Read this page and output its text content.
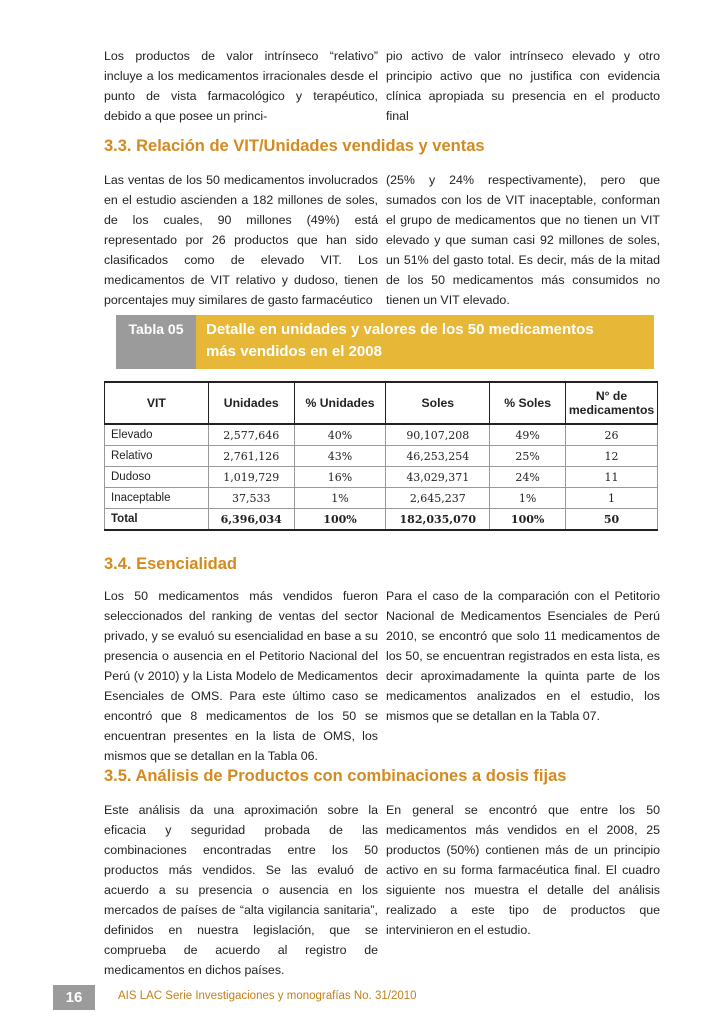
Los productos de valor intrínseco “relativo” incluye a los medicamentos irracionales desde el punto de vista farmacológico y terapéutico, debido a que posee un princi-

pio activo de valor intrínseco elevado y otro principio activo que no justifica con evidencia clínica apropiada su presencia en el producto final

3.3. Relación de VIT/Unidades vendidas y ventas

Las ventas de los 50 medicamentos involucrados en el estudio ascienden a 182 millones de soles, de los cuales, 90 millones (49%) está representado por 26 productos que han sido clasificados como de elevado VIT. Los medicamentos de VIT relativo y dudoso, tienen porcentajes muy similares de gasto farmacéutico

(25% y 24% respectivamente), pero que sumados con los de VIT inaceptable, conforman el grupo de medicamentos que no tienen un VIT elevado y que suman casi 92 millones de soles, un 51% del gasto total. Es decir, más de la mitad de los 50 medicamentos más consumidos no tienen un VIT elevado.

Tabla 05	Detalle en unidades y valores de los 50 medicamentos
más vendidos en el 2008
VIT	Unidades	% Unidades	Soles	% Soles	N° de medicamentos
Elevado	2,577,646	40%	90,107,208	49%	26
Relativo	2,761,126	43%	46,253,254	25%	12
Dudoso	1,019,729	16%	43,029,371	24%	11
Inaceptable	37,533	1%	2,645,237	1%	1
Total	6,396,034	100%	182,035,070	100%	50
3.4. Esencialidad

Los 50 medicamentos más vendidos fueron seleccionados del ranking de ventas del sector privado, y se evaluó su esencialidad en base a su presencia o ausencia en el Petitorio Nacional del Perú (v 2010) y la Lista Modelo de Medicamentos Esenciales de OMS. Para este último caso se encontró que 8 medicamentos de los 50 se encuentran presentes en la lista de OMS, los mismos que se detallan en la Tabla 06.

Para el caso de la comparación con el Petitorio Nacional de Medicamentos Esenciales de Perú 2010, se encontró que solo 11 medicamentos de los 50, se encuentran registrados en esta lista, es decir aproximadamente la quinta parte de los medicamentos analizados en el estudio, los mismos que se detallan en la Tabla 07.

3.5. Análisis de Productos con combinaciones a dosis fijas

Este análisis da una aproximación sobre la eficacia y seguridad probada de las combinaciones encontradas entre los 50 productos más vendidos. Se las evaluó de acuerdo a su presencia o ausencia en los mercados de países de “alta vigilancia sanitaria”, definidos en nuestra legislación, que se comprueba de acuerdo al registro de medicamentos en dichos países.

En general se encontró que entre los 50 medicamentos más vendidos en el 2008, 25 productos (50%) contienen más de un principio activo en su forma farmacéutica final. El cuadro siguiente nos muestra el detalle del análisis realizado a este tipo de productos que intervinieron en el estudio.

16	AIS LAC Serie Investigaciones y monografías No. 31/2010
